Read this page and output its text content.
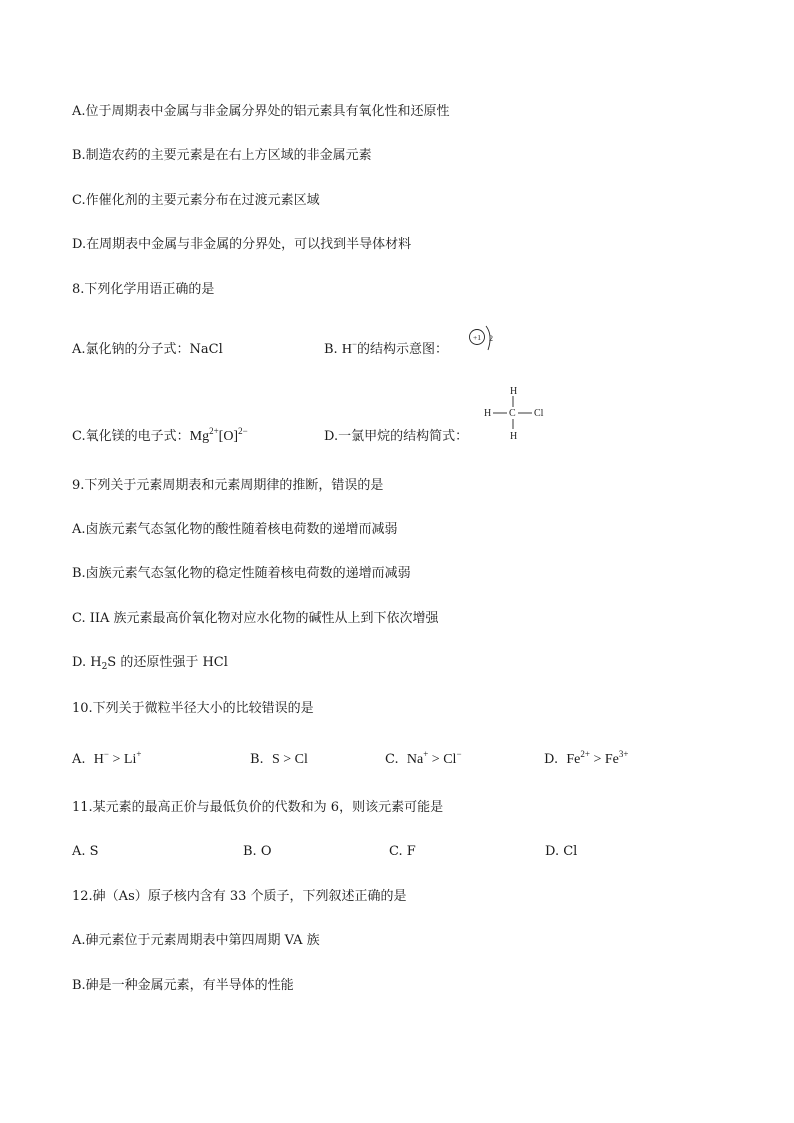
A.位于周期表中金属与非金属分界处的铝元素具有氧化性和还原性
B.制造农药的主要元素是在右上方区域的非金属元素
C.作催化剂的主要元素分布在过渡元素区域
D.在周期表中金属与非金属的分界处，可以找到半导体材料
8.下列化学用语正确的是
A.氯化钠的分子式：NaCl	B. H−的结构示意图：
+1 2
H
H C Cl
H
C.氧化镁的电子式：$Mg^{2+}[O]^{2-}$	D.一氯甲烷的结构简式：
9.下列关于元素周期表和元素周期律的推断，错误的是
A.卤族元素气态氢化物的酸性随着核电荷数的递增而减弱
B.卤族元素气态氢化物的稳定性随着核电荷数的递增而减弱
C. IIA 族元素最高价氧化物对应水化物的碱性从上到下依次增强
D. $H_2S$ 的还原性强于 HCl
10.下列关于微粒半径大小的比较错误的是
A. H− > Li+	B. S > Cl	C. Na+ > Cl−	D. $Fe^{2+} > Fe^{3+}$
11.某元素的最高正价与最低负价的代数和为 6，则该元素可能是
A. S	B. O	C. F	D. Cl
12.砷（As）原子核内含有 33 个质子，下列叙述正确的是
A.砷元素位于元素周期表中第四周期 VA 族
B.砷是一种金属元素，有半导体的性能
